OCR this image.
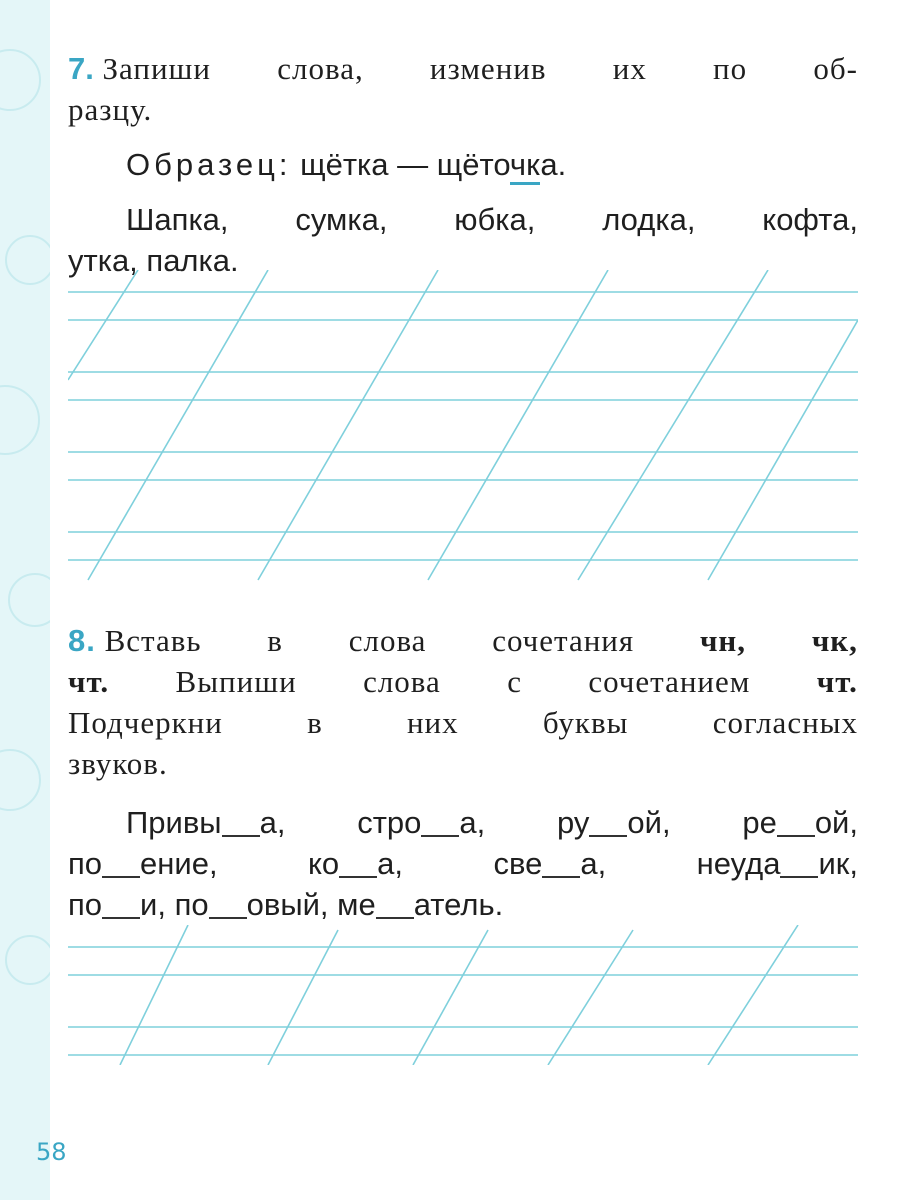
7. Запиши слова, изменив их по об-
разцу.
Образец: щётка — щёточка.
Шапка, сумка, юбка, лодка, кофта,
утка, палка.
8. Вставь в слова сочетания чн, чк,
чт. Выпиши слова с сочетанием чт.
Подчеркни	в	них	буквы	согласных
звуков.
Привы а, стро а, ру ой, ре ой,
по ение,	ко а,	све а,	неуда ик,
по и, по овый, ме атель.
58
